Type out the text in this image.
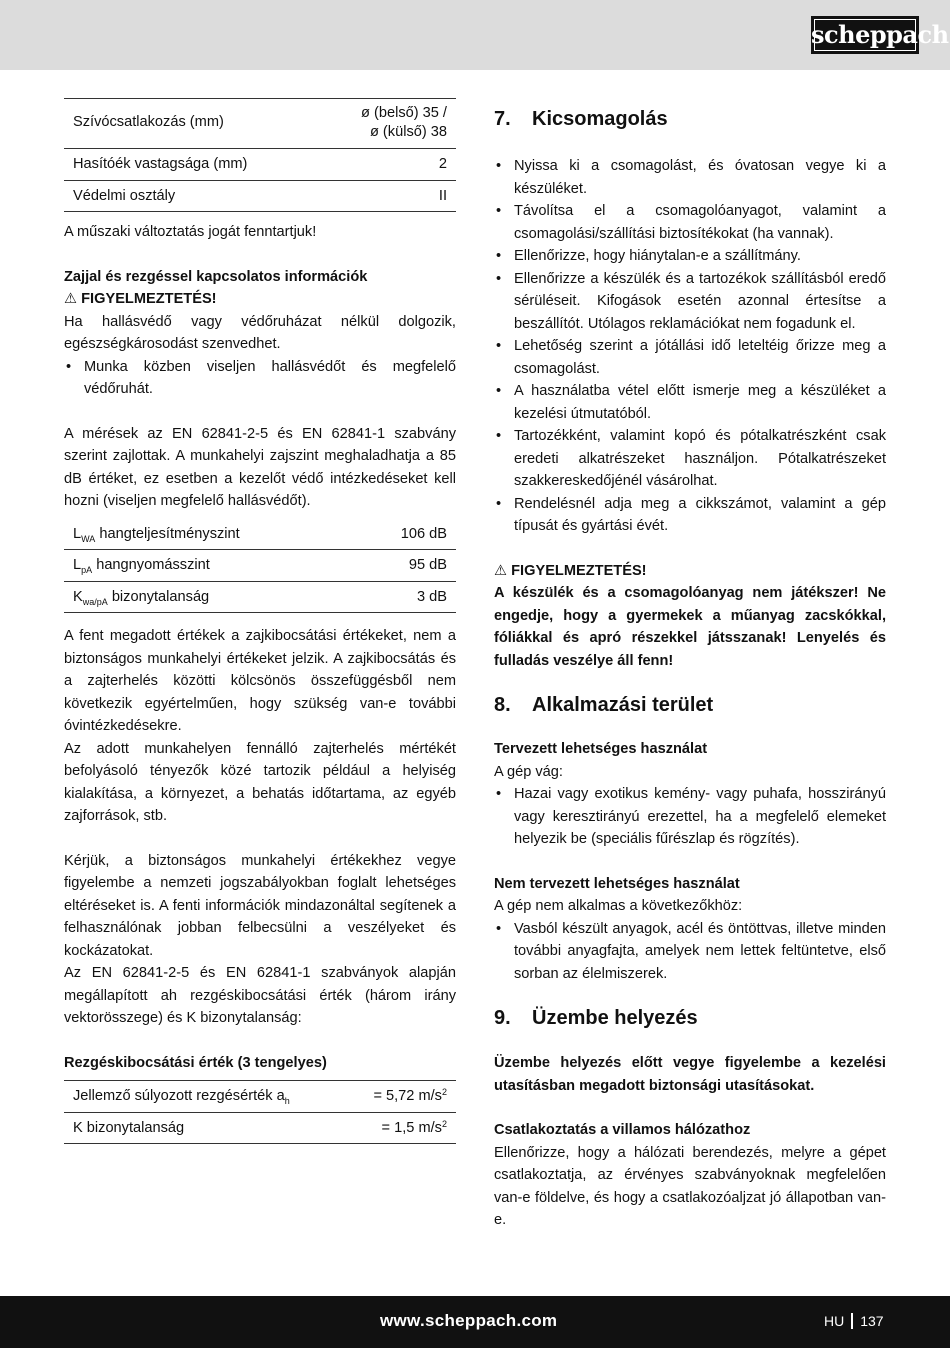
scheppach
Szívócsatlakozás (mm)	ø (belső) 35 /
ø (külső) 38
Hasítóék vastagsága (mm)	2
Védelmi osztály	II

A műszaki változtatás jogát fenntartjuk!

Zajjal és rezgéssel kapcsolatos információk

⚠ FIGYELMEZTETÉS!

Ha hallásvédő vagy védőruházat nélkül dolgozik, egészségkárosodást szenvedhet.

• Munka közben viseljen hallásvédőt és megfelelő védőruhát.

A mérések az EN 62841-2-5 és EN 62841-1 szabvány szerint zajlottak. A munkahelyi zajszint meghaladhatja a 85 dB értéket, ez esetben a kezelőt védő intézkedéseket kell hozni (viseljen megfelelő hallásvédőt).

$L_{WA}$ hangteljesítményszint	106 dB
$L_{pA}$ hangnyomásszint	95 dB
$K_{wa/pA}$ bizonytalanság	3 dB

A fent megadott értékek a zajkibocsátási értékeket, nem a biztonságos munkahelyi értékeket jelzik. A zajkibocsátás és a zajterhelés közötti kölcsönös összefüggésből nem következik egyértelműen, hogy szükség van-e további óvintézkedésekre.

Az adott munkahelyen fennálló zajterhelés mértékét befolyásoló tényezők közé tartozik például a helyiség kialakítása, a környezet, a behatás időtartama, az egyéb zajforrások, stb.

Kérjük, a biztonságos munkahelyi értékekhez vegye figyelembe a nemzeti jogszabályokban foglalt lehetséges eltéréseket is. A fenti információk mindazonáltal segítenek a felhasználónak jobban felbecsülni a veszélyeket és kockázatokat.

Az EN 62841-2-5 és EN 62841-1 szabványok alapján megállapított ah rezgéskibocsátási érték (három irány vektorösszege) és K bizonytalanság:

Rezgéskibocsátási érték (3 tengelyes)

Jellemző súlyozott rezgésérték $a_h$	= 5,72 $m/s^2$
K bizonytalanság	= 1,5 $m/s^2$
7. Kicsomagolás
• Nyissa ki a csomagolást, és óvatosan vegye ki a készüléket.
• Távolítsa el a csomagolóanyagot, valamint a csomagolási/szállítási biztosítékokat (ha vannak).
• Ellenőrizze, hogy hiánytalan-e a szállítmány.
• Ellenőrizze a készülék és a tartozékok szállításból eredő sérüléseit. Kifogások esetén azonnal értesítse a beszállítót. Utólagos reklamációkat nem fogadunk el.
• Lehetőség szerint a jótállási idő leteltéig őrizze meg a csomagolást.
• A használatba vétel előtt ismerje meg a készüléket a kezelési útmutatóból.
• Tartozékként, valamint kopó és pótalkatrészként csak eredeti alkatrészeket használjon. Pótalkatrészeket szakkereskedőjénél vásárolhat.
• Rendelésnél adja meg a cikkszámot, valamint a gép típusát és gyártási évét.

⚠ FIGYELMEZTETÉS!

A készülék és a csomagolóanyag nem játékszer! Ne engedje, hogy a gyermekek a műanyag zacskókkal, fóliákkal és apró részekkel játsszanak! Lenyelés és fulladás veszélye áll fenn!

8. Alkalmazási terület

Tervezett lehetséges használat

A gép vág:

• Hazai vagy exotikus kemény- vagy puhafa, hosszirányú vagy keresztirányú erezettel, ha a megfelelő elemeket helyezik be (speciális fűrészlap és rögzítés).

Nem tervezett lehetséges használat

A gép nem alkalmas a következőkhöz:

• Vasból készült anyagok, acél és öntöttvas, illetve minden további anyagfajta, amelyek nem lettek feltüntetve, első sorban az élelmiszerek.
9. Üzembe helyezés

Üzembe helyezés előtt vegye figyelembe a kezelési utasításban megadott biztonsági utasításokat.

Csatlakoztatás a villamos hálózathoz

Ellenőrizze, hogy a hálózati berendezés, melyre a gépet csatlakoztatja, az érvényes szabványoknak megfelelően van-e földelve, és hogy a csatlakozóaljzat jó állapotban van-e.

www.scheppach.com	HU 137
